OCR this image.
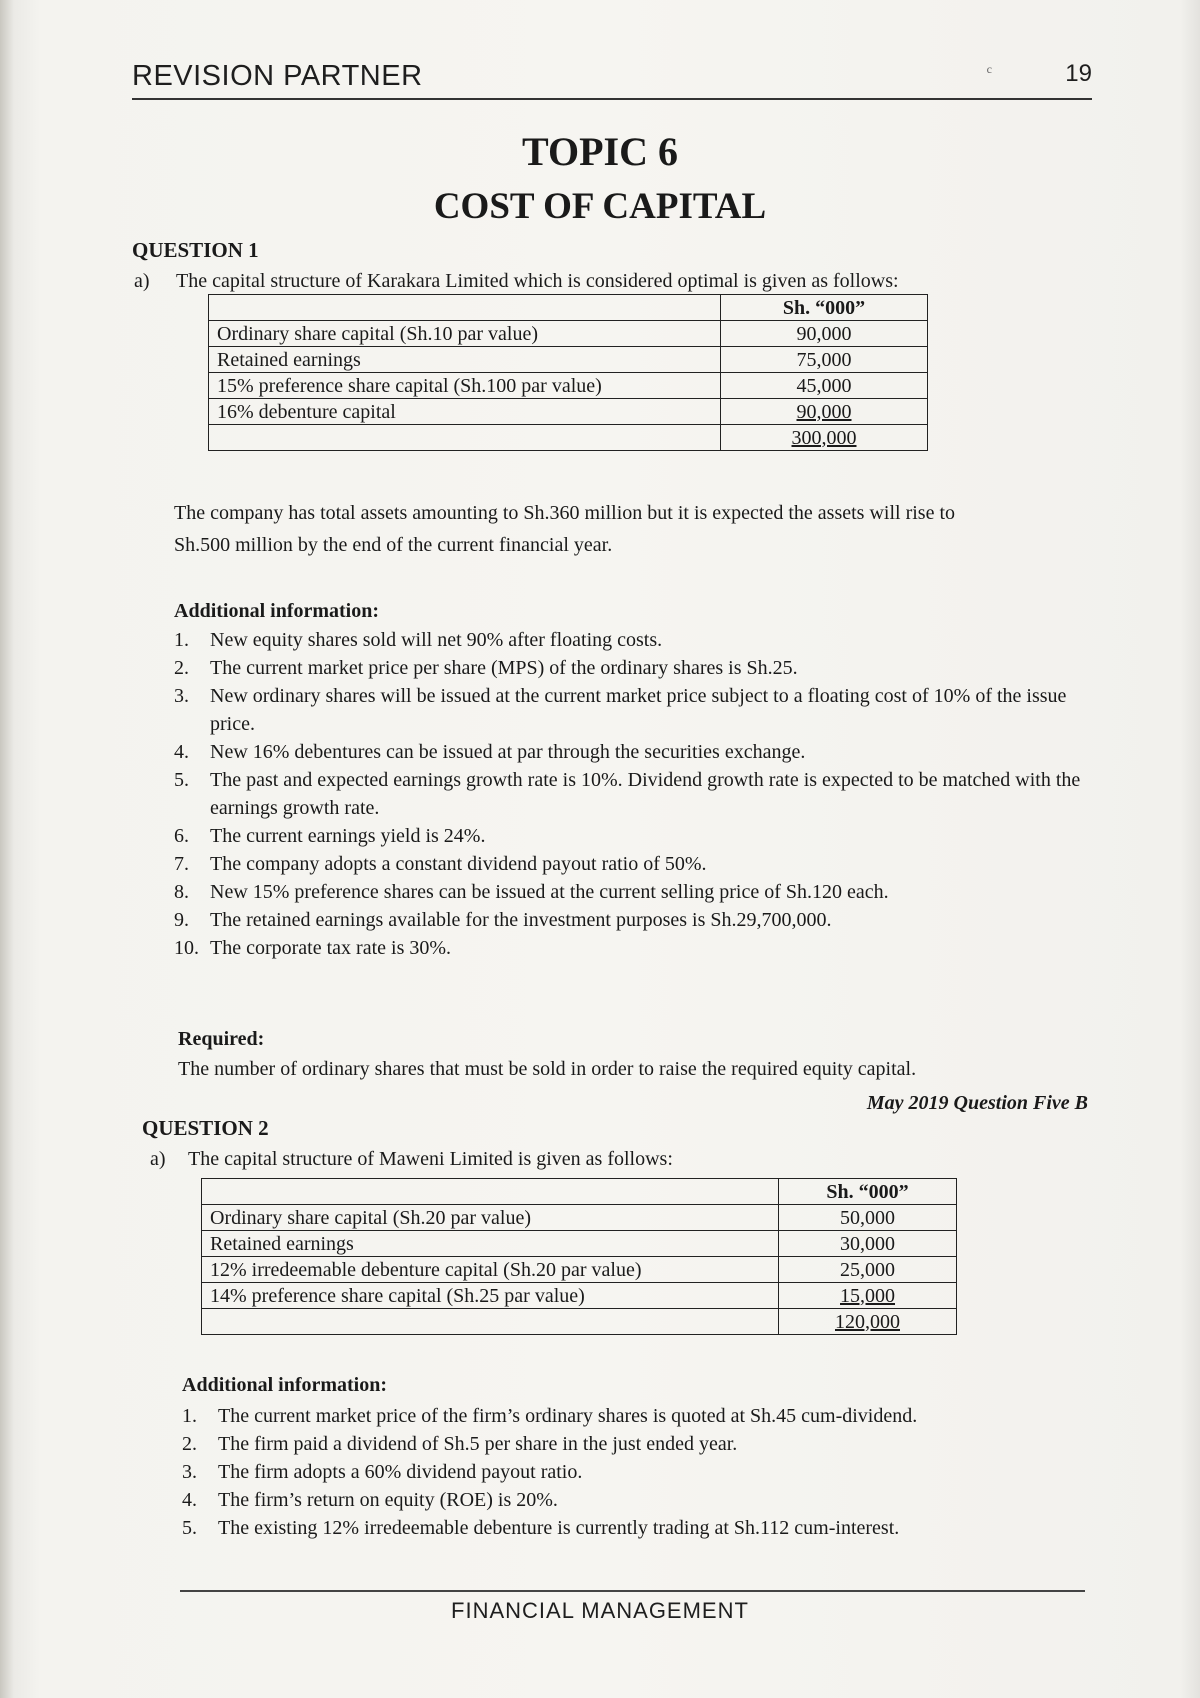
REVISION PARTNER	c	19
TOPIC 6
COST OF CAPITAL
QUESTION 1
a) The capital structure of Karakara Limited which is considered optimal is given as follows:
	Sh. “000”
Ordinary share capital (Sh.10 par value)	90,000
Retained earnings	75,000
15% preference share capital (Sh.100 par value)	45,000
16% debenture capital	90,000
	300,000
The company has total assets amounting to Sh.360 million but it is expected the assets will rise to
Sh.500 million by the end of the current financial year.
Additional information:
1. New equity shares sold will net 90% after floating costs.
2. The current market price per share (MPS) of the ordinary shares is Sh.25.
3. New ordinary shares will be issued at the current market price subject to a floating cost of 10% of the issue price.
4. New 16% debentures can be issued at par through the securities exchange.
5. The past and expected earnings growth rate is 10%. Dividend growth rate is expected to be matched with the earnings growth rate.
6. The current earnings yield is 24%.
7. The company adopts a constant dividend payout ratio of 50%.
8. New 15% preference shares can be issued at the current selling price of Sh.120 each.
9. The retained earnings available for the investment purposes is Sh.29,700,000.
10. The corporate tax rate is 30%.
Required:
The number of ordinary shares that must be sold in order to raise the required equity capital.
May 2019 Question Five B
QUESTION 2
a) The capital structure of Maweni Limited is given as follows:
	Sh. “000”
Ordinary share capital (Sh.20 par value)	50,000
Retained earnings	30,000
12% irredeemable debenture capital (Sh.20 par value)	25,000
14% preference share capital (Sh.25 par value)	15,000
	120,000
Additional information:
1. The current market price of the firm’s ordinary shares is quoted at Sh.45 cum-dividend.
2. The firm paid a dividend of Sh.5 per share in the just ended year.
3. The firm adopts a 60% dividend payout ratio.
4. The firm’s return on equity (ROE) is 20%.
5. The existing 12% irredeemable debenture is currently trading at Sh.112 cum-interest.
FINANCIAL MANAGEMENT
